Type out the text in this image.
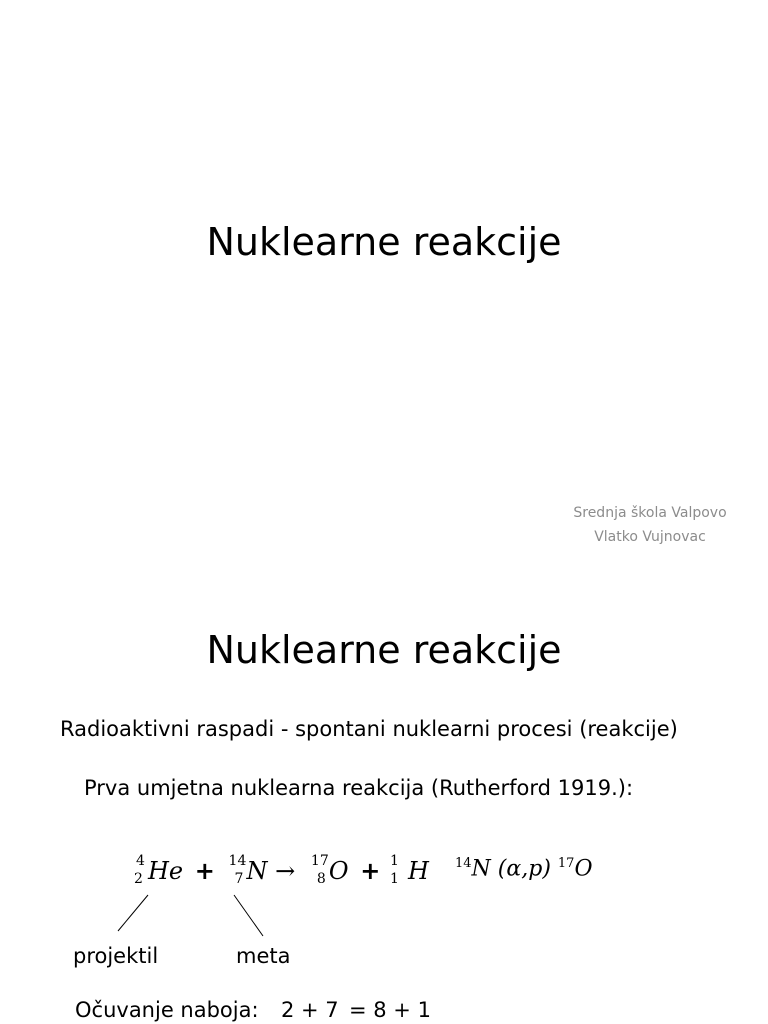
Nuklearne reakcije
Srednja škola Valpovo
Vlatko Vujnovac
Nuklearne reakcije
Radioaktivni raspadi - spontani nuklearni procesi (reakcije)
Prva umjetna nuklearna reakcija (Rutherford 1919.):
4
2 He + 14
7 N → 17
8 O + 1
1 H $^{14}$N (α,p) $^{17}$O
projektil	meta
Očuvanje naboja: 2 + 7 = 8 + 1
